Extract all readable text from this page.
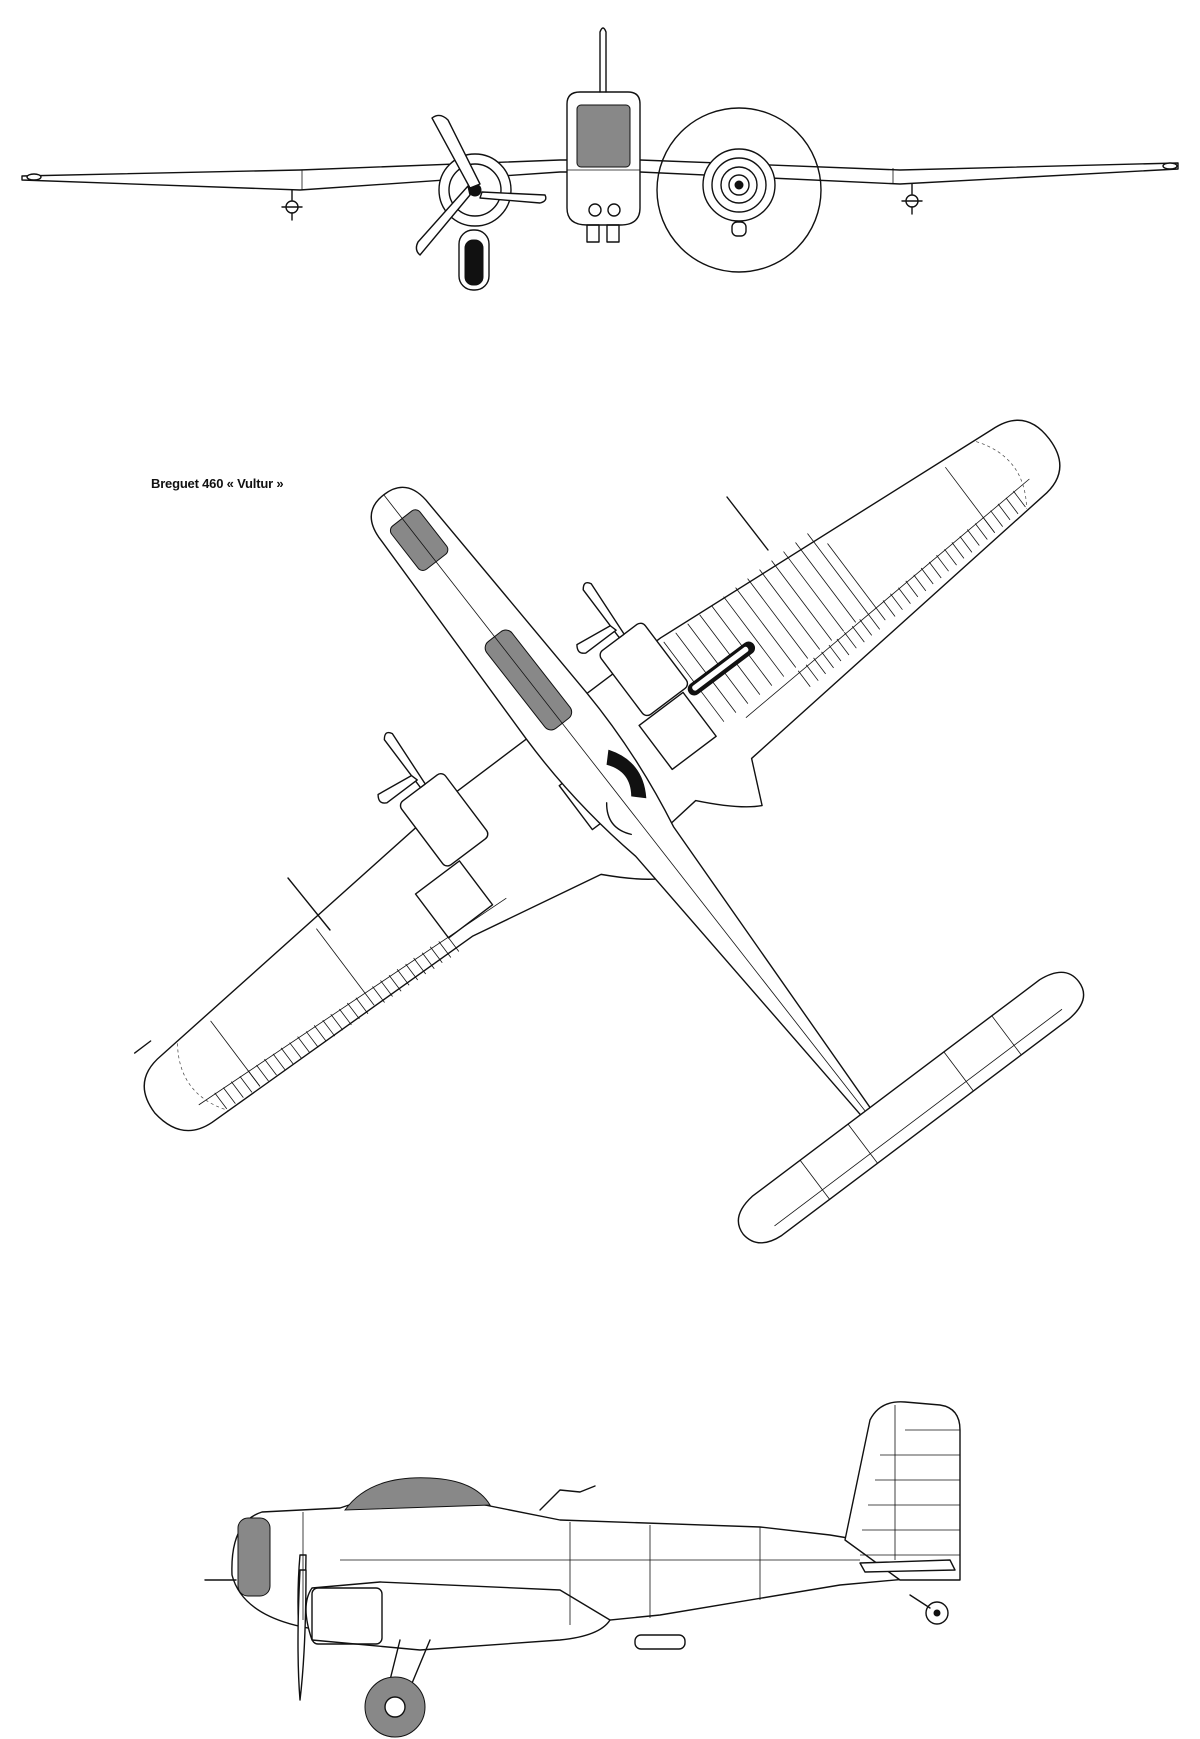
Breguet 460 « Vultur »
